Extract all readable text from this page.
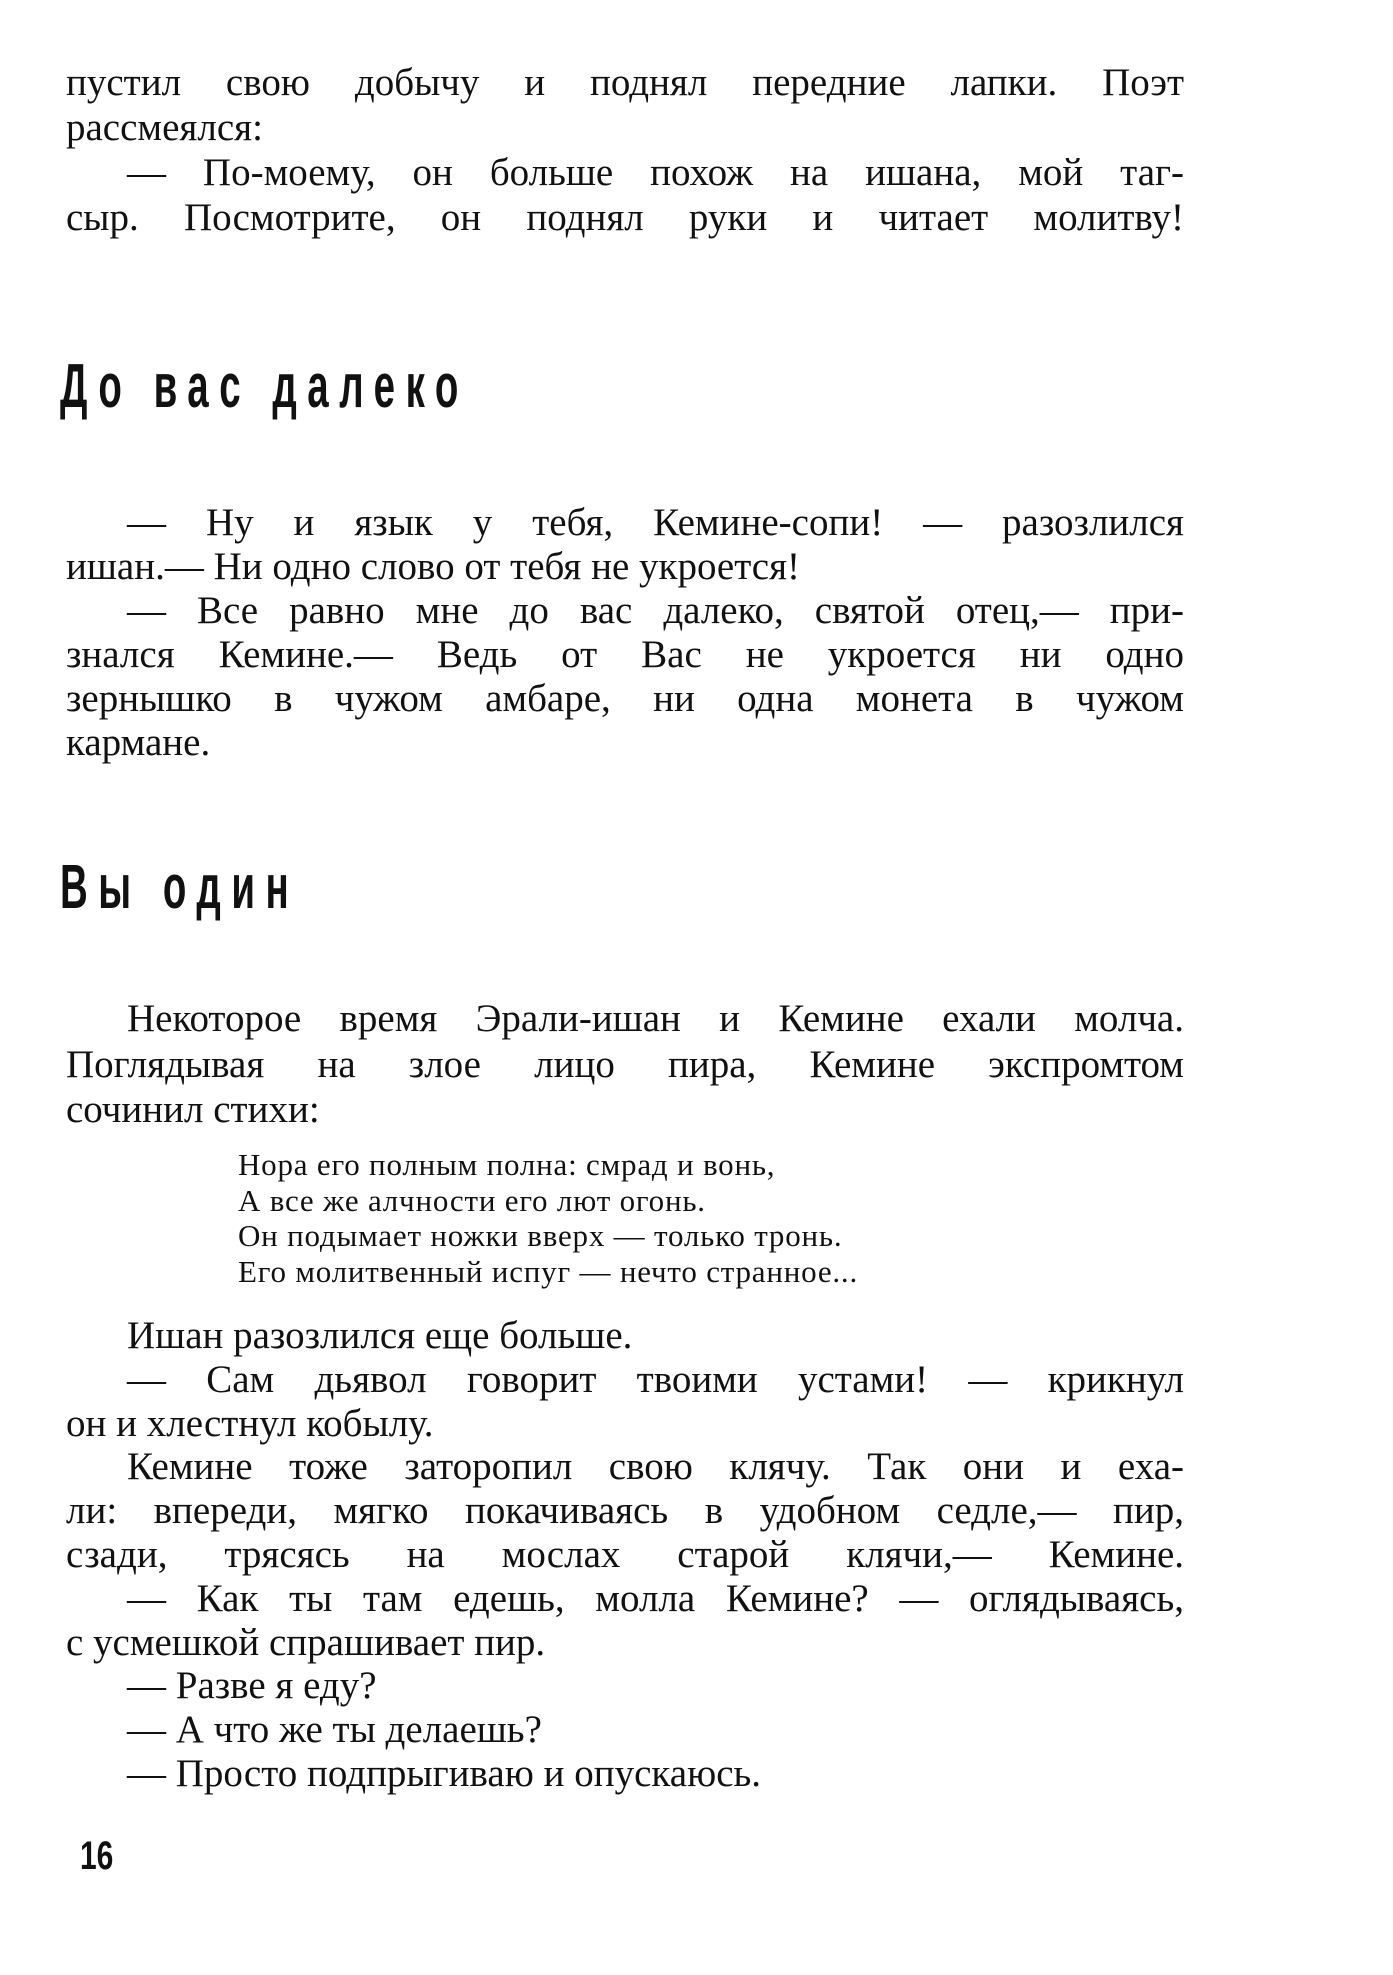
пустил свою добычу и поднял передние лапки. Поэт
рассмеялся:
— По-моему, он больше похож на ишана, мой таг-
сыр. Посмотрите, он поднял руки и читает молитву!
До вас далеко
— Ну и язык у тебя, Кемине-сопи! — разозлился
ишан.— Ни одно слово от тебя не укроется!
— Все равно мне до вас далеко, святой отец,— при-
знался Кемине.— Ведь от Вас не укроется ни одно
зернышко в чужом амбаре, ни одна монета в чужом
кармане.
Вы один
Некоторое время Эрали-ишан и Кемине ехали молча.
Поглядывая на злое лицо пира, Кемине экспромтом
сочинил стихи:
Нора его полным полна: смрад и вонь,
А все же алчности его лют огонь.
Он подымает ножки вверх — только тронь.
Его молитвенный испуг — нечто странное...
Ишан разозлился еще больше.
— Сам дьявол говорит твоими устами! — крикнул
он и хлестнул кобылу.
Кемине тоже заторопил свою клячу. Так они и еха-
ли: впереди, мягко покачиваясь в удобном седле,— пир,
сзади, трясясь на мослах старой клячи,— Кемине.
— Как ты там едешь, молла Кемине? — оглядываясь,
с усмешкой спрашивает пир.
— Разве я еду?
— А что же ты делаешь?
— Просто подпрыгиваю и опускаюсь.
16
